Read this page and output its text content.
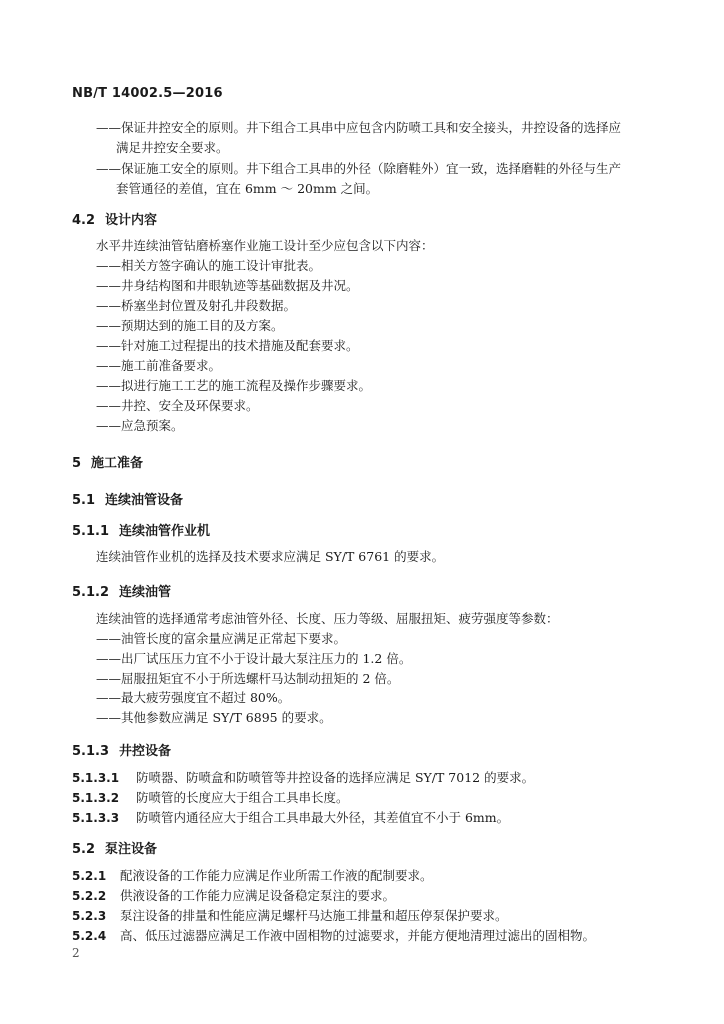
NB/T 14002.5—2016
——保证井控安全的原则。井下组合工具串中应包含内防喷工具和安全接头，井控设备的选择应
满足井控安全要求。
——保证施工安全的原则。井下组合工具串的外径（除磨鞋外）宜一致，选择磨鞋的外径与生产
套管通径的差值，宜在 6mm ～ 20mm 之间。
4.2 设计内容
水平井连续油管钻磨桥塞作业施工设计至少应包含以下内容：
——相关方签字确认的施工设计审批表。
——井身结构图和井眼轨迹等基础数据及井况。
——桥塞坐封位置及射孔井段数据。
——预期达到的施工目的及方案。
——针对施工过程提出的技术措施及配套要求。
——施工前准备要求。
——拟进行施工工艺的施工流程及操作步骤要求。
——井控、安全及环保要求。
——应急预案。
5 施工准备
5.1 连续油管设备
5.1.1 连续油管作业机
连续油管作业机的选择及技术要求应满足 SY/T 6761 的要求。
5.1.2 连续油管
连续油管的选择通常考虑油管外径、长度、压力等级、屈服扭矩、疲劳强度等参数：
——油管长度的富余量应满足正常起下要求。
——出厂试压压力宜不小于设计最大泵注压力的 1.2 倍。
——屈服扭矩宜不小于所选螺杆马达制动扭矩的 2 倍。
——最大疲劳强度宜不超过 80%。
——其他参数应满足 SY/T 6895 的要求。
5.1.3 井控设备
5.1.3.1 防喷器、防喷盒和防喷管等井控设备的选择应满足 SY/T 7012 的要求。
5.1.3.2 防喷管的长度应大于组合工具串长度。
5.1.3.3 防喷管内通径应大于组合工具串最大外径，其差值宜不小于 6mm。
5.2 泵注设备
5.2.1 配液设备的工作能力应满足作业所需工作液的配制要求。
5.2.2 供液设备的工作能力应满足设备稳定泵注的要求。
5.2.3 泵注设备的排量和性能应满足螺杆马达施工排量和超压停泵保护要求。
5.2.4 高、低压过滤器应满足工作液中固相物的过滤要求，并能方便地清理过滤出的固相物。
2
